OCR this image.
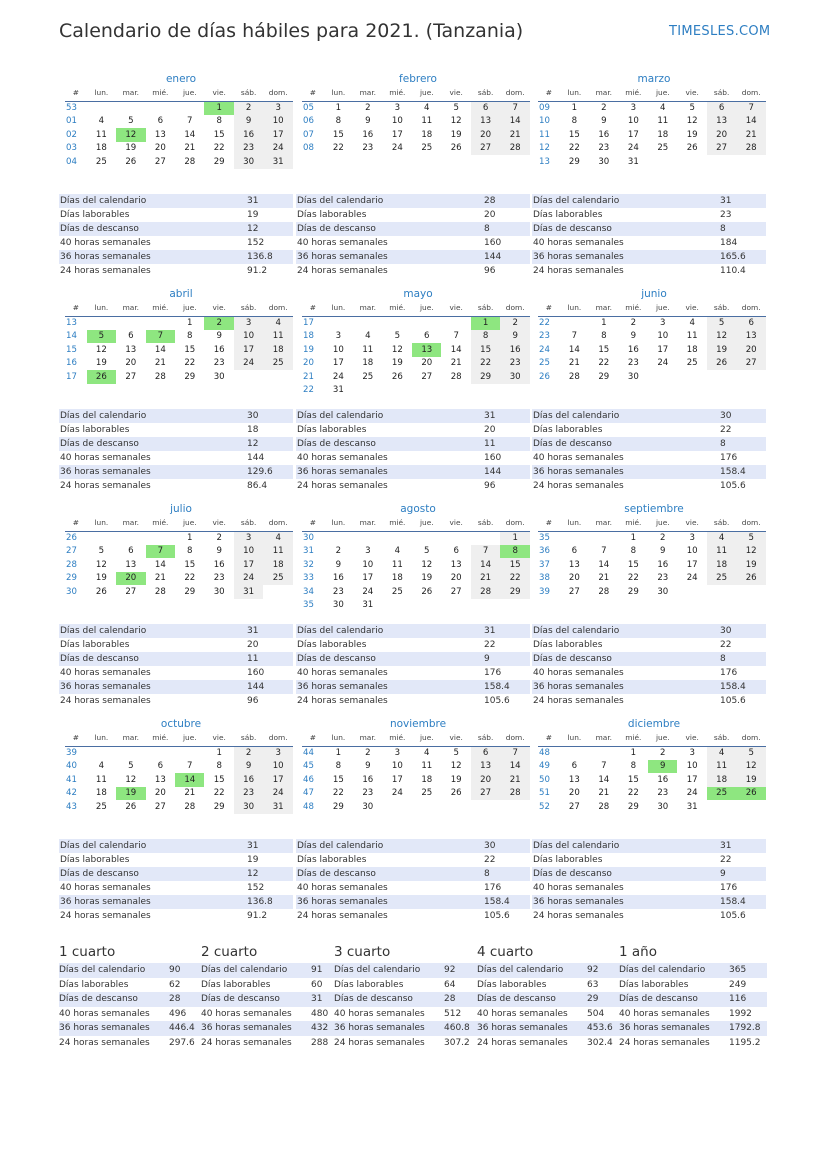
Calendario de días hábiles para 2021. (Tanzania)	TIMESLES.COM
enero
#	lun.	mar.	mié.	jue.	vie.	sáb.	dom.
53					1	2	3
01	4	5	6	7	8	9	10
02	11	12	13	14	15	16	17
03	18	19	20	21	22	23	24
04	25	26	27	28	29	30	31
Días del calendario	31
Días laborables	19
Días de descanso	12
40 horas semanales	152
36 horas semanales	136.8
24 horas semanales	91.2
febrero
#	lun.	mar.	mié.	jue.	vie.	sáb.	dom.
05	1	2	3	4	5	6	7
06	8	9	10	11	12	13	14
07	15	16	17	18	19	20	21
08	22	23	24	25	26	27	28
Días del calendario	28
Días laborables	20
Días de descanso	8
40 horas semanales	160
36 horas semanales	144
24 horas semanales	96
marzo
#	lun.	mar.	mié.	jue.	vie.	sáb.	dom.
09	1	2	3	4	5	6	7
10	8	9	10	11	12	13	14
11	15	16	17	18	19	20	21
12	22	23	24	25	26	27	28
13	29	30	31				
Días del calendario	31
Días laborables	23
Días de descanso	8
40 horas semanales	184
36 horas semanales	165.6
24 horas semanales	110.4
abril
#	lun.	mar.	mié.	jue.	vie.	sáb.	dom.
13				1	2	3	4
14	5	6	7	8	9	10	11
15	12	13	14	15	16	17	18
16	19	20	21	22	23	24	25
17	26	27	28	29	30		
Días del calendario	30
Días laborables	18
Días de descanso	12
40 horas semanales	144
36 horas semanales	129.6
24 horas semanales	86.4
mayo
#	lun.	mar.	mié.	jue.	vie.	sáb.	dom.
17						1	2
18	3	4	5	6	7	8	9
19	10	11	12	13	14	15	16
20	17	18	19	20	21	22	23
21	24	25	26	27	28	29	30
22	31						
Días del calendario	31
Días laborables	20
Días de descanso	11
40 horas semanales	160
36 horas semanales	144
24 horas semanales	96
junio
#	lun.	mar.	mié.	jue.	vie.	sáb.	dom.
22		1	2	3	4	5	6
23	7	8	9	10	11	12	13
24	14	15	16	17	18	19	20
25	21	22	23	24	25	26	27
26	28	29	30				
Días del calendario	30
Días laborables	22
Días de descanso	8
40 horas semanales	176
36 horas semanales	158.4
24 horas semanales	105.6
julio
#	lun.	mar.	mié.	jue.	vie.	sáb.	dom.
26				1	2	3	4
27	5	6	7	8	9	10	11
28	12	13	14	15	16	17	18
29	19	20	21	22	23	24	25
30	26	27	28	29	30	31	
Días del calendario	31
Días laborables	20
Días de descanso	11
40 horas semanales	160
36 horas semanales	144
24 horas semanales	96
agosto
#	lun.	mar.	mié.	jue.	vie.	sáb.	dom.
30							1
31	2	3	4	5	6	7	8
32	9	10	11	12	13	14	15
33	16	17	18	19	20	21	22
34	23	24	25	26	27	28	29
35	30	31					
Días del calendario	31
Días laborables	22
Días de descanso	9
40 horas semanales	176
36 horas semanales	158.4
24 horas semanales	105.6
septiembre
#	lun.	mar.	mié.	jue.	vie.	sáb.	dom.
35			1	2	3	4	5
36	6	7	8	9	10	11	12
37	13	14	15	16	17	18	19
38	20	21	22	23	24	25	26
39	27	28	29	30			
Días del calendario	30
Días laborables	22
Días de descanso	8
40 horas semanales	176
36 horas semanales	158.4
24 horas semanales	105.6
octubre
#	lun.	mar.	mié.	jue.	vie.	sáb.	dom.
39					1	2	3
40	4	5	6	7	8	9	10
41	11	12	13	14	15	16	17
42	18	19	20	21	22	23	24
43	25	26	27	28	29	30	31
Días del calendario	31
Días laborables	19
Días de descanso	12
40 horas semanales	152
36 horas semanales	136.8
24 horas semanales	91.2
noviembre
#	lun.	mar.	mié.	jue.	vie.	sáb.	dom.
44	1	2	3	4	5	6	7
45	8	9	10	11	12	13	14
46	15	16	17	18	19	20	21
47	22	23	24	25	26	27	28
48	29	30					
Días del calendario	30
Días laborables	22
Días de descanso	8
40 horas semanales	176
36 horas semanales	158.4
24 horas semanales	105.6
diciembre
#	lun.	mar.	mié.	jue.	vie.	sáb.	dom.
48			1	2	3	4	5
49	6	7	8	9	10	11	12
50	13	14	15	16	17	18	19
51	20	21	22	23	24	25	26
52	27	28	29	30	31		
Días del calendario	31
Días laborables	22
Días de descanso	9
40 horas semanales	176
36 horas semanales	158.4
24 horas semanales	105.6
1 cuarto	2 cuarto	3 cuarto	4 cuarto	1 año
Días del calendario	90 Días del calendario	91 Días del calendario	92 Días del calendario	92 Días del calendario	365
Días laborables	62 Días laborables	60 Días laborables	64 Días laborables	63 Días laborables	249
Días de descanso	28 Días de descanso	31 Días de descanso	28 Días de descanso	29 Días de descanso	116
40 horas semanales 496 40 horas semanales 480 40 horas semanales 512 40 horas semanales 504 40 horas semanales 1992
36 horas semanales 446.4 36 horas semanales 432 36 horas semanales 460.8 36 horas semanales 453.6 36 horas semanales 1792.8
24 horas semanales 297.6 24 horas semanales 288 24 horas semanales 307.2 24 horas semanales 302.4 24 horas semanales 1195.2
